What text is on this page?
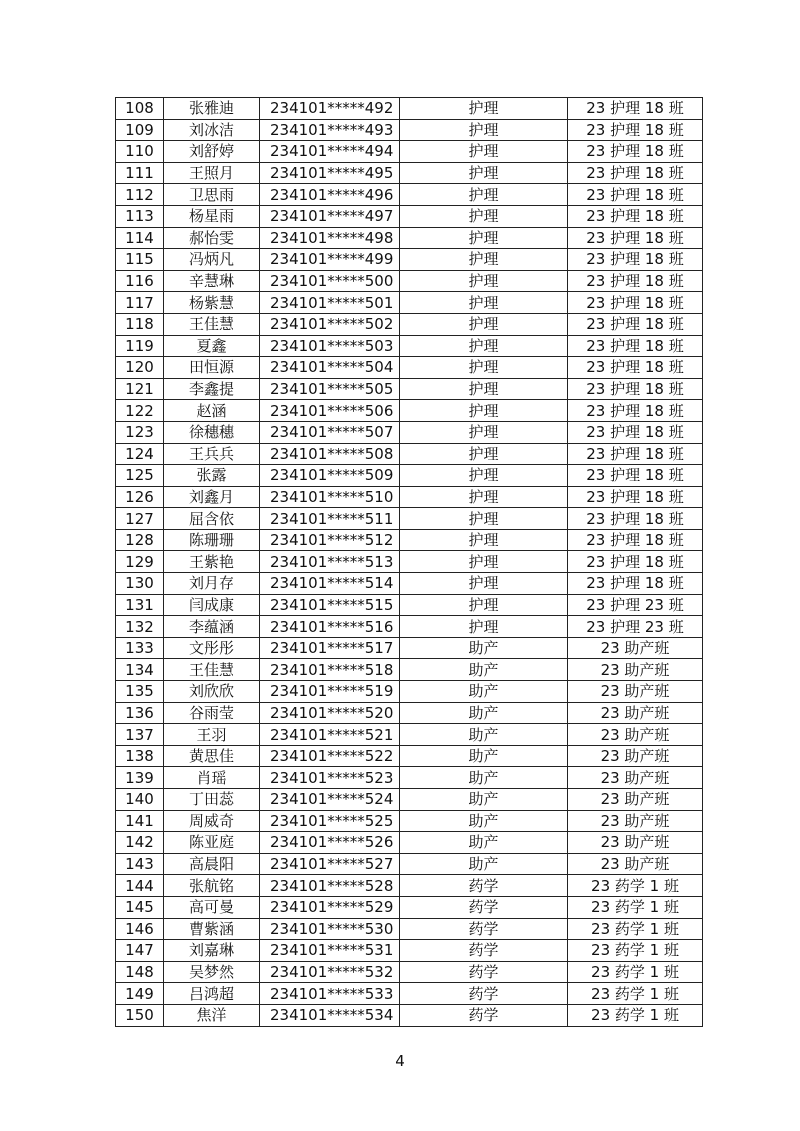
108	张雅迪	234101*****492	护理	23 护理 18 班
109	刘冰洁	234101*****493	护理	23 护理 18 班
110	刘舒婷	234101*****494	护理	23 护理 18 班
111	王照月	234101*****495	护理	23 护理 18 班
112	卫思雨	234101*****496	护理	23 护理 18 班
113	杨星雨	234101*****497	护理	23 护理 18 班
114	郝怡雯	234101*****498	护理	23 护理 18 班
115	冯炳凡	234101*****499	护理	23 护理 18 班
116	辛慧琳	234101*****500	护理	23 护理 18 班
117	杨紫慧	234101*****501	护理	23 护理 18 班
118	王佳慧	234101*****502	护理	23 护理 18 班
119	夏鑫	234101*****503	护理	23 护理 18 班
120	田恒源	234101*****504	护理	23 护理 18 班
121	李鑫提	234101*****505	护理	23 护理 18 班
122	赵涵	234101*****506	护理	23 护理 18 班
123	徐穗穗	234101*****507	护理	23 护理 18 班
124	王兵兵	234101*****508	护理	23 护理 18 班
125	张露	234101*****509	护理	23 护理 18 班
126	刘鑫月	234101*****510	护理	23 护理 18 班
127	屈含依	234101*****511	护理	23 护理 18 班
128	陈珊珊	234101*****512	护理	23 护理 18 班
129	王紫艳	234101*****513	护理	23 护理 18 班
130	刘月存	234101*****514	护理	23 护理 18 班
131	闫成康	234101*****515	护理	23 护理 23 班
132	李蕴涵	234101*****516	护理	23 护理 23 班
133	文彤彤	234101*****517	助产	23 助产班
134	王佳慧	234101*****518	助产	23 助产班
135	刘欣欣	234101*****519	助产	23 助产班
136	谷雨莹	234101*****520	助产	23 助产班
137	王羽	234101*****521	助产	23 助产班
138	黄思佳	234101*****522	助产	23 助产班
139	肖瑶	234101*****523	助产	23 助产班
140	丁田蕊	234101*****524	助产	23 助产班
141	周威奇	234101*****525	助产	23 助产班
142	陈亚庭	234101*****526	助产	23 助产班
143	高晨阳	234101*****527	助产	23 助产班
144	张航铭	234101*****528	药学	23 药学 1 班
145	高可曼	234101*****529	药学	23 药学 1 班
146	曹紫涵	234101*****530	药学	23 药学 1 班
147	刘嘉琳	234101*****531	药学	23 药学 1 班
148	吴梦然	234101*****532	药学	23 药学 1 班
149	吕鸿超	234101*****533	药学	23 药学 1 班
150	焦洋	234101*****534	药学	23 药学 1 班
4
